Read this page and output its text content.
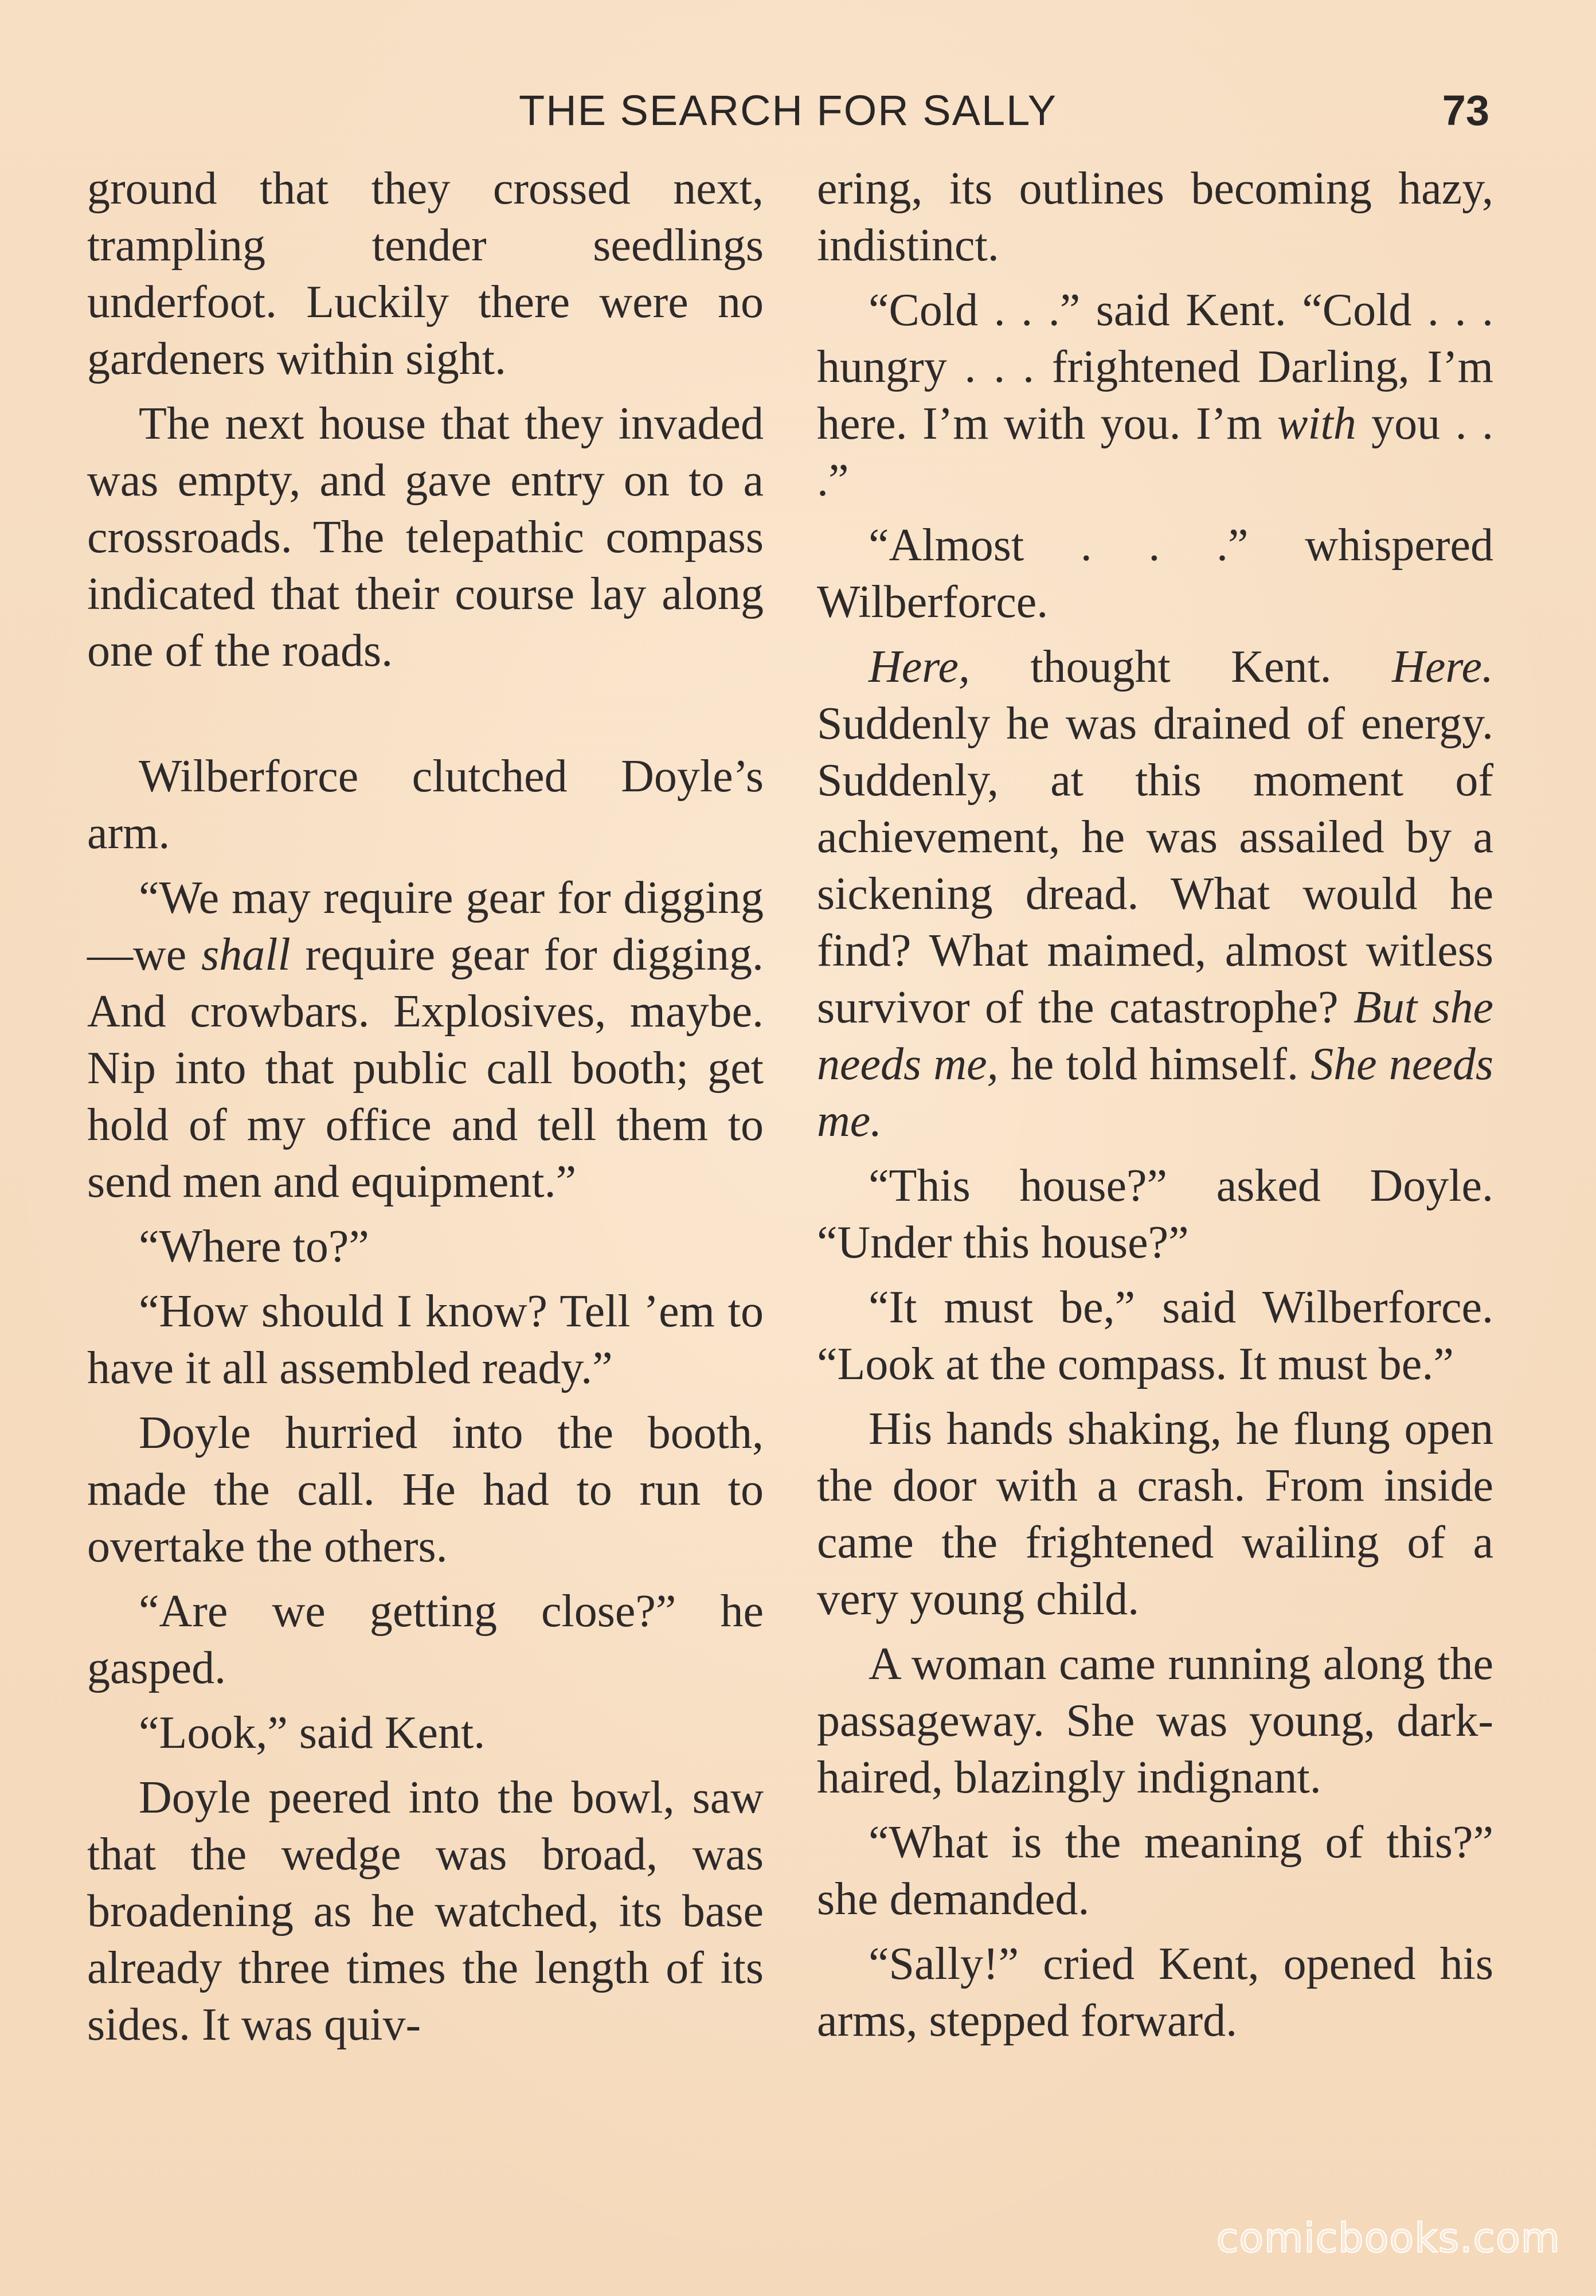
THE SEARCH FOR SALLY	73

ground that they crossed next, trampling tender seedlings underfoot. Luckily there were no gardeners within sight.

The next house that they invaded was empty, and gave entry on to a crossroads. The telepathic compass indicated that their course lay along one of the roads.

Wilberforce clutched Doyle’s arm.

“We may require gear for digging—we shall require gear for digging. And crowbars. Explosives, maybe. Nip into that public call booth; get hold of my office and tell them to send men and equipment.”

“Where to?”

“How should I know? Tell ’em to have it all assembled ready.”

Doyle hurried into the booth, made the call. He had to run to overtake the others.

“Are we getting close?” he gasped.

“Look,” said Kent.

Doyle peered into the bowl, saw that the wedge was broad, was broadening as he watched, its base already three times the length of its sides. It was quiv-

ering, its outlines becoming hazy, indistinct.

“Cold . . .” said Kent. “Cold . . . hungry . . . frightened Darling, I’m here. I’m with you. I’m with you . . .”

“Almost . . .” whispered Wilberforce.

Here, thought Kent. Here. Suddenly he was drained of energy. Suddenly, at this moment of achievement, he was assailed by a sickening dread. What would he find? What maimed, almost witless survivor of the catastrophe? But she needs me, he told himself. She needs me.

“This house?” asked Doyle. “Under this house?”

“It must be,” said Wilberforce. “Look at the compass. It must be.”

His hands shaking, he flung open the door with a crash. From inside came the frightened wailing of a very young child.

A woman came running along the passageway. She was young, dark-haired, blazingly indignant.

“What is the meaning of this?” she demanded.

“Sally!” cried Kent, opened his arms, stepped forward.

comicbooks.com
